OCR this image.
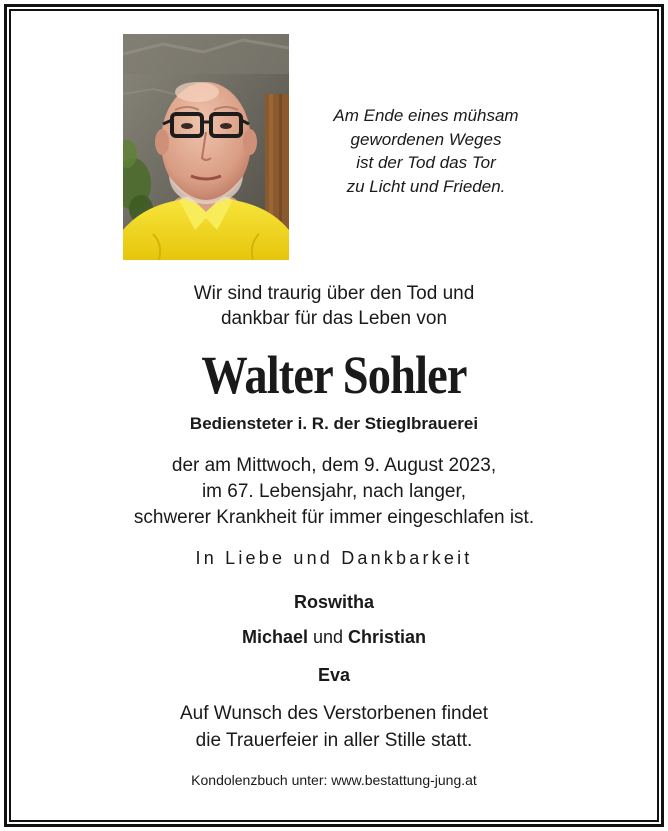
Am Ende eines mühsam
gewordenen Weges
ist der Tod das Tor
zu Licht und Frieden.
Wir sind traurig über den Tod und
dankbar für das Leben von
Walter Sohler
Bediensteter i. R. der Stieglbrauerei
der am Mittwoch, dem 9. August 2023,
im 67. Lebensjahr, nach langer,
schwerer Krankheit für immer eingeschlafen ist.
In Liebe und Dankbarkeit
Roswitha
Michael und Christian
Eva
Auf Wunsch des Verstorbenen findet
die Trauerfeier in aller Stille statt.
Kondolenzbuch unter: www.bestattung-jung.at
